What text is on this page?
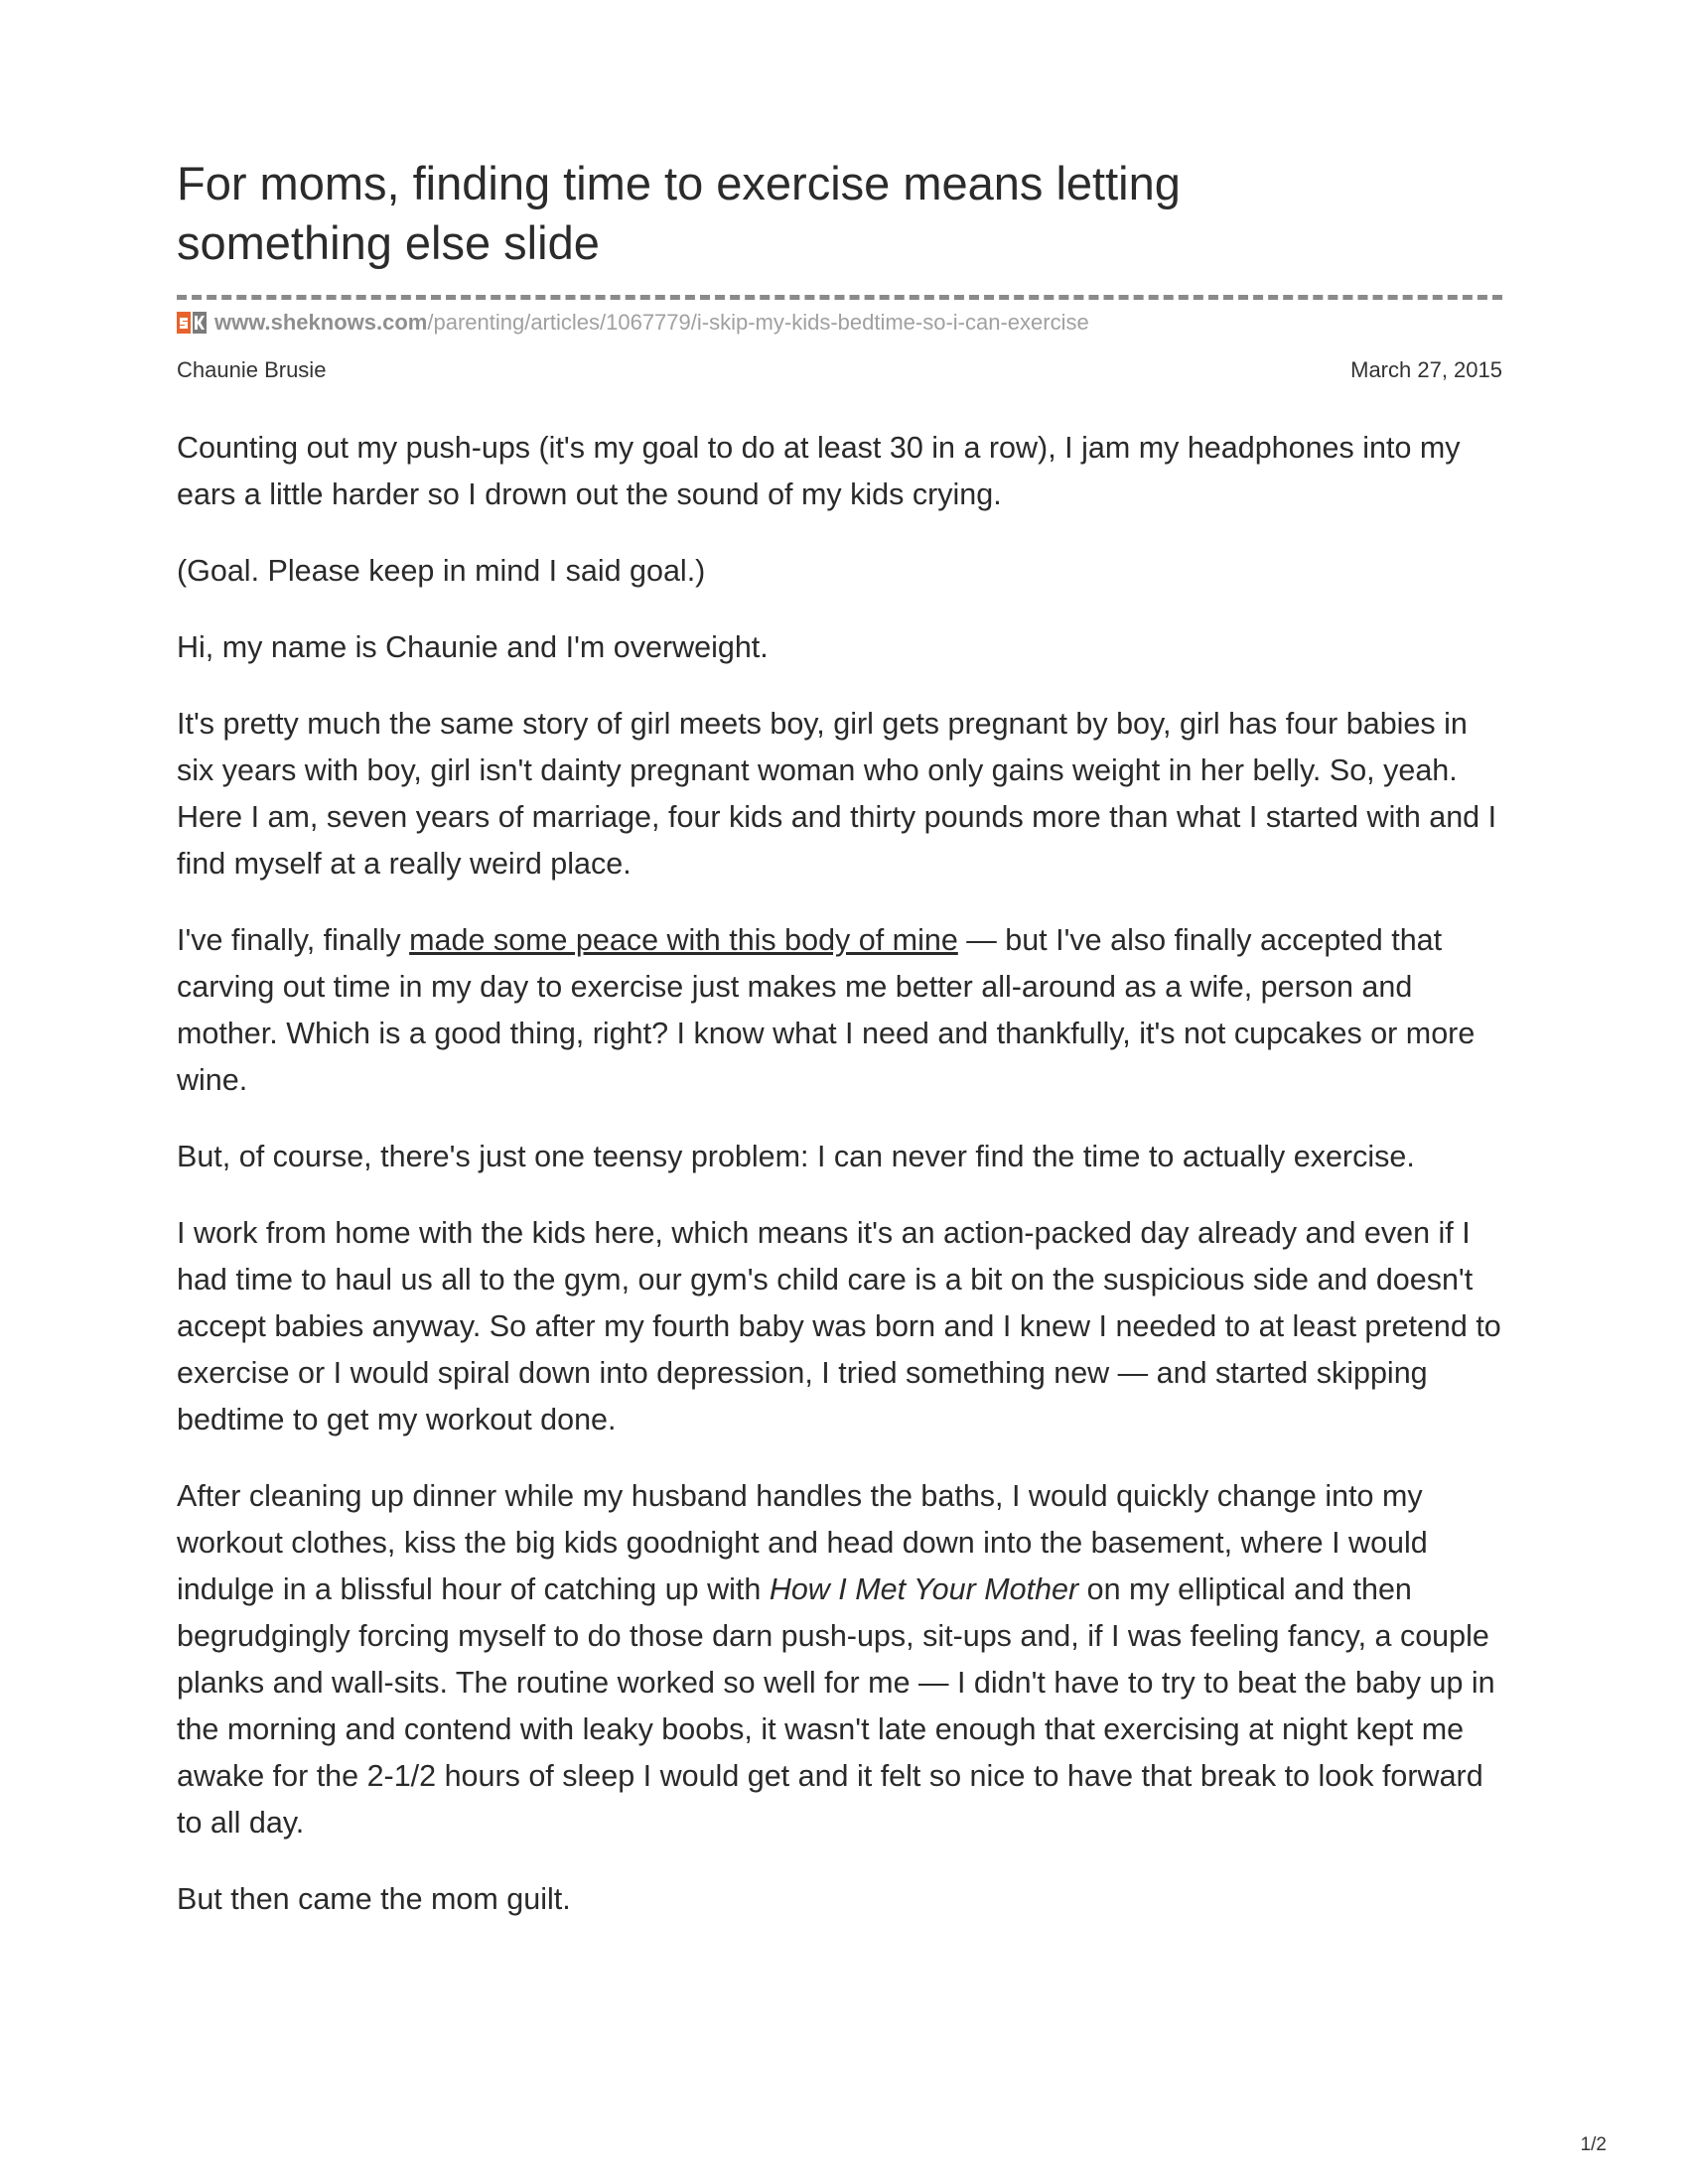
For moms, finding time to exercise means letting something else slide
www.sheknows.com /parenting/articles/1067779/i-skip-my-kids-bedtime-so-i-can-exercise
Chaunie Brusie	March 27, 2015

Counting out my push-ups (it's my goal to do at least 30 in a row), I jam my headphones into my ears a little harder so I drown out the sound of my kids crying.

(Goal. Please keep in mind I said goal.)

Hi, my name is Chaunie and I'm overweight.

It's pretty much the same story of girl meets boy, girl gets pregnant by boy, girl has four babies in six years with boy, girl isn't dainty pregnant woman who only gains weight in her belly. So, yeah. Here I am, seven years of marriage, four kids and thirty pounds more than what I started with and I find myself at a really weird place.

I've finally, finally made some peace with this body of mine — but I've also finally accepted that carving out time in my day to exercise just makes me better all-around as a wife, person and mother. Which is a good thing, right? I know what I need and thankfully, it's not cupcakes or more wine.

But, of course, there's just one teensy problem: I can never find the time to actually exercise.

I work from home with the kids here, which means it's an action-packed day already and even if I had time to haul us all to the gym, our gym's child care is a bit on the suspicious side and doesn't accept babies anyway. So after my fourth baby was born and I knew I needed to at least pretend to exercise or I would spiral down into depression, I tried something new — and started skipping bedtime to get my workout done.

After cleaning up dinner while my husband handles the baths, I would quickly change into my workout clothes, kiss the big kids goodnight and head down into the basement, where I would indulge in a blissful hour of catching up with How I Met Your Mother on my elliptical and then begrudgingly forcing myself to do those darn push-ups, sit-ups and, if I was feeling fancy, a couple planks and wall-sits. The routine worked so well for me — I didn't have to try to beat the baby up in the morning and contend with leaky boobs, it wasn't late enough that exercising at night kept me awake for the 2-1/2 hours of sleep I would get and it felt so nice to have that break to look forward to all day.

But then came the mom guilt.

1/2
